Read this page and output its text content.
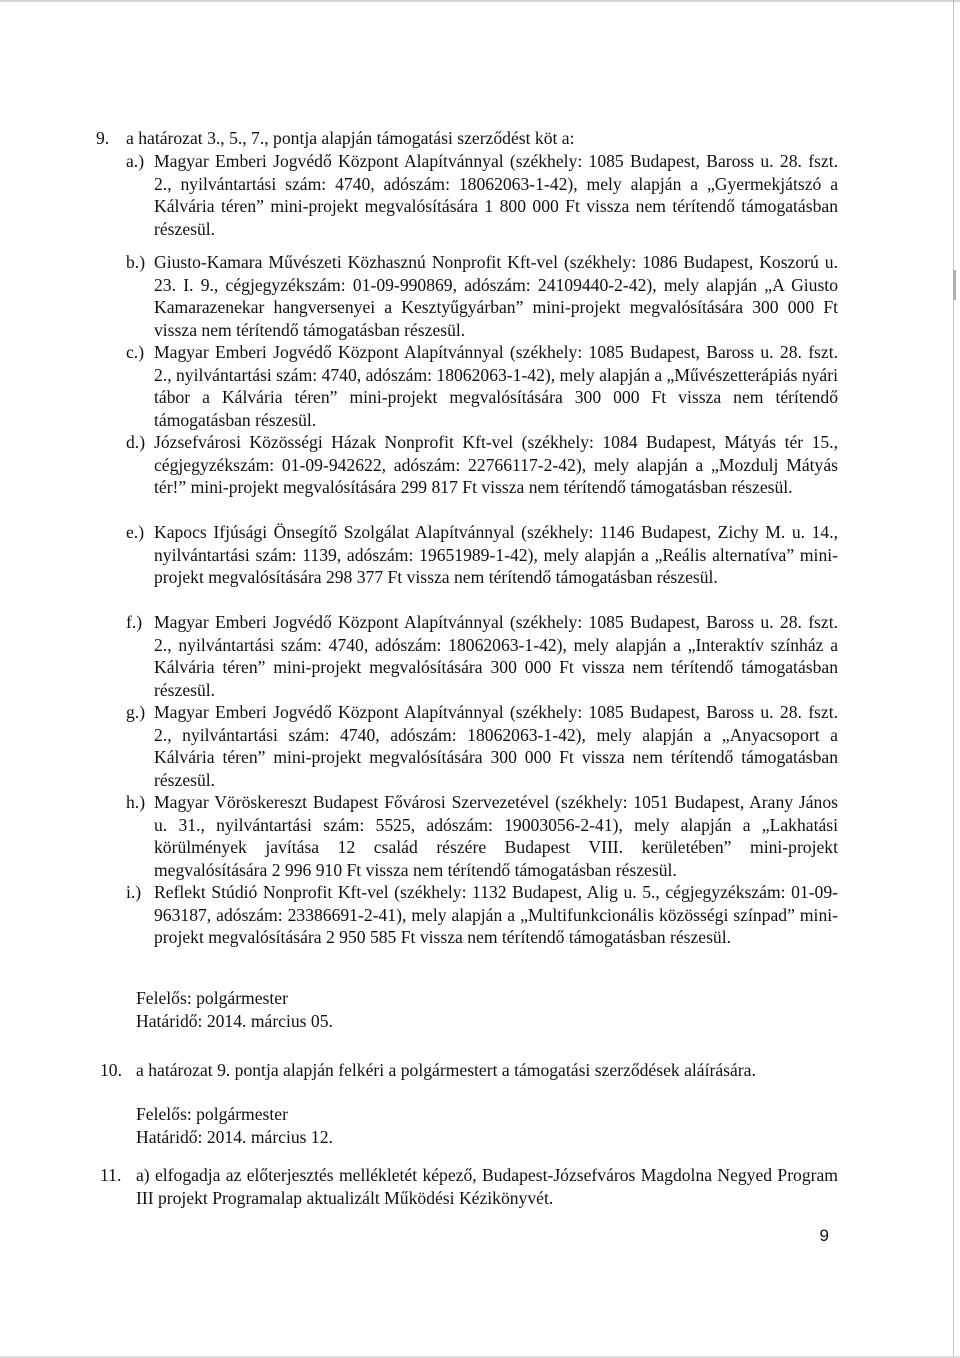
9. a határozat 3., 5., 7., pontja alapján támogatási szerződést köt a:
a.) Magyar Emberi Jogvédő Központ Alapítvánnyal (székhely: 1085 Budapest, Baross u. 28. fszt. 2., nyilvántartási szám: 4740, adószám: 18062063-1-42), mely alapján a „Gyermekjátszó a Kálvária téren” mini-projekt megvalósítására 1 800 000 Ft vissza nem térítendő támogatásban részesül.
b.) Giusto-Kamara Művészeti Közhasznú Nonprofit Kft-vel (székhely: 1086 Budapest, Koszorú u. 23. I. 9., cégjegyzékszám: 01-09-990869, adószám: 24109440-2-42), mely alapján „A Giusto Kamarazenekar hangversenyei a Kesztyűgyárban” mini-projekt megvalósítására 300 000 Ft vissza nem térítendő támogatásban részesül.
c.) Magyar Emberi Jogvédő Központ Alapítvánnyal (székhely: 1085 Budapest, Baross u. 28. fszt. 2., nyilvántartási szám: 4740, adószám: 18062063-1-42), mely alapján a „Művészetterápiás nyári tábor a Kálvária téren” mini-projekt megvalósítására 300 000 Ft vissza nem térítendő támogatásban részesül.
d.) Józsefvárosi Közösségi Házak Nonprofit Kft-vel (székhely: 1084 Budapest, Mátyás tér 15., cégjegyzékszám: 01-09-942622, adószám: 22766117-2-42), mely alapján a „Mozdulj Mátyás tér!” mini-projekt megvalósítására 299 817 Ft vissza nem térítendő támogatásban részesül.
e.) Kapocs Ifjúsági Önsegítő Szolgálat Alapítvánnyal (székhely: 1146 Budapest, Zichy M. u. 14., nyilvántartási szám: 1139, adószám: 19651989-1-42), mely alapján a „Reális alternatíva” mini-projekt megvalósítására 298 377 Ft vissza nem térítendő támogatásban részesül.
f.) Magyar Emberi Jogvédő Központ Alapítvánnyal (székhely: 1085 Budapest, Baross u. 28. fszt. 2., nyilvántartási szám: 4740, adószám: 18062063-1-42), mely alapján a „Interaktív színház a Kálvária téren” mini-projekt megvalósítására 300 000 Ft vissza nem térítendő támogatásban részesül.
g.) Magyar Emberi Jogvédő Központ Alapítvánnyal (székhely: 1085 Budapest, Baross u. 28. fszt. 2., nyilvántartási szám: 4740, adószám: 18062063-1-42), mely alapján a „Anyacsoport a Kálvária téren” mini-projekt megvalósítására 300 000 Ft vissza nem térítendő támogatásban részesül.
h.) Magyar Vöröskereszt Budapest Fővárosi Szervezetével (székhely: 1051 Budapest, Arany János u. 31., nyilvántartási szám: 5525, adószám: 19003056-2-41), mely alapján a „Lakhatási körülmények javítása 12 család részére Budapest VIII. kerületében” mini-projekt megvalósítására 2 996 910 Ft vissza nem térítendő támogatásban részesül.
i.) Reflekt Stúdió Nonprofit Kft-vel (székhely: 1132 Budapest, Alig u. 5., cégjegyzékszám: 01-09-963187, adószám: 23386691-2-41), mely alapján a „Multifunkcionális közösségi színpad” mini-projekt megvalósítására 2 950 585 Ft vissza nem térítendő támogatásban részesül.
Felelős: polgármester
Határidő: 2014. március 05.
10. a határozat 9. pontja alapján felkéri a polgármestert a támogatási szerződések aláírására.
Felelős: polgármester
Határidő: 2014. március 12.
11. a) elfogadja az előterjesztés mellékletét képező, Budapest-Józsefváros Magdolna Negyed Program III projekt Programalap aktualizált Működési Kézikönyvét.
9
